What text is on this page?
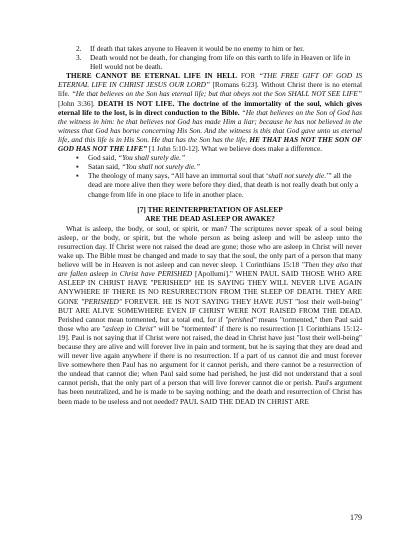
2.	If death that takes anyone to Heaven it would be no enemy to him or her.
3.	Death would not be death, for changing from life on this earth to life in Heaven or life in Hell would not be death.

THERE CANNOT BE ETERNAL LIFE IN HELL FOR “THE FREE GIFT OF GOD IS ETERNAL LIFE IN CHRIST JESUS OUR LORD” [Romans 6:23]. Without Christ there is no eternal life. “He that believes on the Son has eternal life; but that obeys not the Son SHALL NOT SEE LIFE” [John 3:36]. DEATH IS NOT LIFE. The doctrine of the immortality of the soul, which gives eternal life to the lost, is in direct conduction to the Bible. “He that believes on the Son of God has the witness in him: he that believes not God has made Him a liar; because he has not believed in the witness that God has borne concerning His Son. And the witness is this that God gave unto us eternal life, and this life is in His Son. He that has the Son has the life, HE THAT HAS NOT THE SON OF GOD HAS NOT THE LIFE” [1 John 5:10-12]. What we believe does make a difference.

▪	God said, “You shall surely die.”
▪	Satan said, “You shall not surely die.”
▪	The theology of many says, “All have an immortal soul that ‘shall not surely die.’” all the dead are more alive then they were before they died, that death is not really death but only a change from life in one place to life in another place.
[7] THE REINTERPRETATION OF ASLEEP
ARE THE DEAD ASLEEP OR AWAKE?

What is asleep, the body, or soul, or spirit, or man? The scriptures never speak of a soul being asleep, or the body, or spirit, but the whole person as being asleep and will be asleep unto the resurrection day. If Christ were not raised the dead are gone; those who are asleep in Christ will never wake up. The Bible must be changed and made to say that the soul, the only part of a person that many believe will be in Heaven is not asleep and can never sleep. 1 Corinthians 15:18 "Then they also that are fallen asleep in Christ have PERISHED [Apollumi]." WHEN PAUL SAID THOSE WHO ARE ASLEEP IN CHRIST HAVE "PERISHED" HE IS SAYING THEY WILL NEVER LIVE AGAIN ANYWHERE IF THERE IS NO RESURRECTION FROM THE SLEEP OF DEATH. THEY ARE GONE "PERISHED" FOREVER. HE IS NOT SAYING THEY HAVE JUST "lost their well-being" BUT ARE ALIVE SOMEWHERE EVEN IF CHRIST WERE NOT RAISED FROM THE DEAD. Perished cannot mean tormented, but a total end, for if "perished" means "tormented," then Paul said those who are "asleep in Christ" will be "tormented" if there is no resurrection [1 Corinthians 15:12-19]. Paul is not saying that if Christ were not raised, the dead in Christ have just "lost their well-being" because they are alive and will forever live in pain and torment, but he is saying that they are dead and will never live again anywhere if there is no resurrection. If a part of us cannot die and must forever live somewhere then Paul has no argument for it cannot perish, and there cannot be a resurrection of the undead that cannot die; when Paul said some had perished, he just did not understand that a soul cannot perish, that the only part of a person that will live forever cannot die or perish. Paul's argument has been neutralized, and he is made to be saying nothing; and the death and resurrection of Christ has been made to be useless and not needed? PAUL SAID THE DEAD IN CHRIST ARE

179
